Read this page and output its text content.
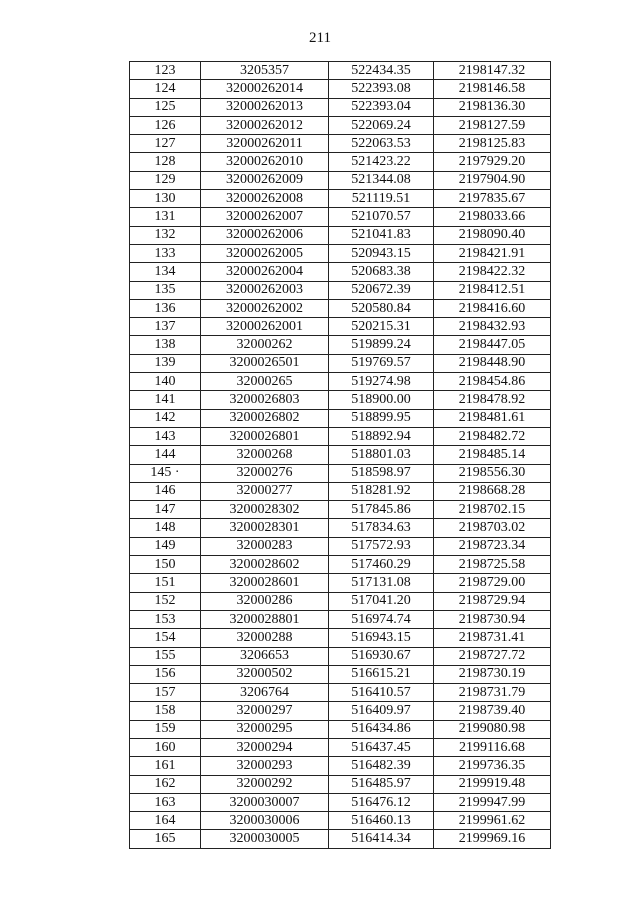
211
123	3205357	522434.35	2198147.32
124	32000262014	522393.08	2198146.58
125	32000262013	522393.04	2198136.30
126	32000262012	522069.24	2198127.59
127	32000262011	522063.53	2198125.83
128	32000262010	521423.22	2197929.20
129	32000262009	521344.08	2197904.90
130	32000262008	521119.51	2197835.67
131	32000262007	521070.57	2198033.66
132	32000262006	521041.83	2198090.40
133	32000262005	520943.15	2198421.91
134	32000262004	520683.38	2198422.32
135	32000262003	520672.39	2198412.51
136	32000262002	520580.84	2198416.60
137	32000262001	520215.31	2198432.93
138	32000262	519899.24	2198447.05
139	3200026501	519769.57	2198448.90
140	32000265	519274.98	2198454.86
141	3200026803	518900.00	2198478.92
142	3200026802	518899.95	2198481.61
143	3200026801	518892.94	2198482.72
144	32000268	518801.03	2198485.14
145 ·	32000276	518598.97	2198556.30
146	32000277	518281.92	2198668.28
147	3200028302	517845.86	2198702.15
148	3200028301	517834.63	2198703.02
149	32000283	517572.93	2198723.34
150	3200028602	517460.29	2198725.58
151	3200028601	517131.08	2198729.00
152	32000286	517041.20	2198729.94
153	3200028801	516974.74	2198730.94
154	32000288	516943.15	2198731.41
155	3206653	516930.67	2198727.72
156	32000502	516615.21	2198730.19
157	3206764	516410.57	2198731.79
158	32000297	516409.97	2198739.40
159	32000295	516434.86	2199080.98
160	32000294	516437.45	2199116.68
161	32000293	516482.39	2199736.35
162	32000292	516485.97	2199919.48
163	3200030007	516476.12	2199947.99
164	3200030006	516460.13	2199961.62
165	3200030005	516414.34	2199969.16
